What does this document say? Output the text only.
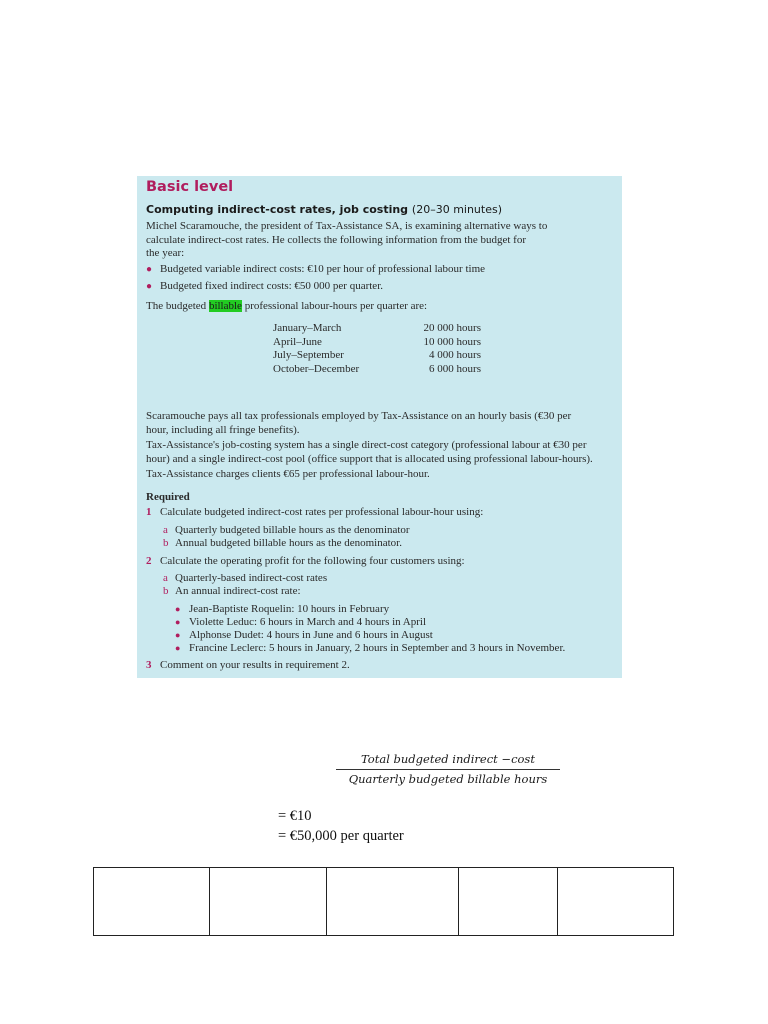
Basic level
Computing indirect-cost rates, job costing (20–30 minutes)
Michel Scaramouche, the president of Tax-Assistance SA, is examining alternative ways to
calculate indirect-cost rates. He collects the following information from the budget for
the year:
● Budgeted variable indirect costs: €10 per hour of professional labour time
● Budgeted fixed indirect costs: €50 000 per quarter.
The budgeted billable professional labour-hours per quarter are:
January–March	20 000 hours
April–June	10 000 hours
July–September	4 000 hours
October–December	6 000 hours
Scaramouche pays all tax professionals employed by Tax-Assistance on an hourly basis (€30 per
hour, including all fringe benefits).
Tax-Assistance's job-costing system has a single direct-cost category (professional labour at €30 per
hour) and a single indirect-cost pool (office support that is allocated using professional labour-hours).
Tax-Assistance charges clients €65 per professional labour-hour.
Required
1 Calculate budgeted indirect-cost rates per professional labour-hour using:
a Quarterly budgeted billable hours as the denominator
b Annual budgeted billable hours as the denominator.
2 Calculate the operating profit for the following four customers using:
a Quarterly-based indirect-cost rates
b An annual indirect-cost rate:
● Jean-Baptiste Roquelin: 10 hours in February
● Violette Leduc: 6 hours in March and 4 hours in April
● Alphonse Dudet: 4 hours in June and 6 hours in August
● Francine Leclerc: 5 hours in January, 2 hours in September and 3 hours in November.
3 Comment on your results in requirement 2.
Total budgeted indirect −cost
Quarterly budgeted billable hours
= €10
= €50,000 per quarter
